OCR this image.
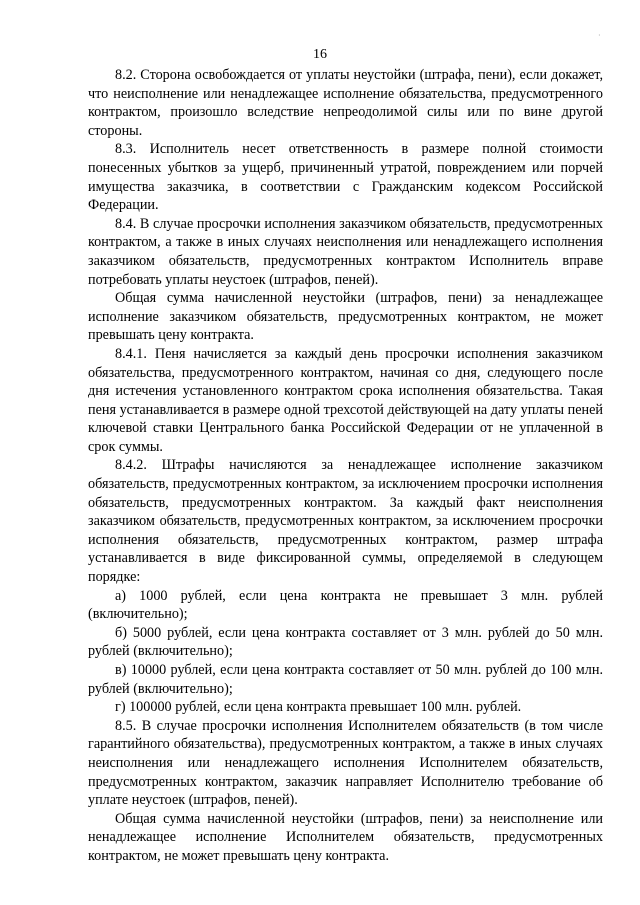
·
16

8.2. Сторона освобождается от уплаты неустойки (штрафа, пени), если докажет, что неисполнение или ненадлежащее исполнение обязательства, предусмотренного контрактом, произошло вследствие непреодолимой силы или по вине другой стороны.

8.3. Исполнитель несет ответственность в размере полной стоимости понесенных убытков за ущерб, причиненный утратой, повреждением или порчей имущества заказчика, в соответствии с Гражданским кодексом Российской Федерации.

8.4. В случае просрочки исполнения заказчиком обязательств, предусмотренных контрактом, а также в иных случаях неисполнения или ненадлежащего исполнения заказчиком обязательств, предусмотренных контрактом Исполнитель вправе потребовать уплаты неустоек (штрафов, пеней).

Общая сумма начисленной неустойки (штрафов, пени) за ненадлежащее исполнение заказчиком обязательств, предусмотренных контрактом, не может превышать цену контракта.

8.4.1. Пеня начисляется за каждый день просрочки исполнения заказчиком обязательства, предусмотренного контрактом, начиная со дня, следующего после дня истечения установленного контрактом срока исполнения обязательства. Такая пеня устанавливается в размере одной трехсотой действующей на дату уплаты пеней ключевой ставки Центрального банка Российской Федерации от не уплаченной в срок суммы.

8.4.2. Штрафы начисляются за ненадлежащее исполнение заказчиком обязательств, предусмотренных контрактом, за исключением просрочки исполнения обязательств, предусмотренных контрактом. За каждый факт неисполнения заказчиком обязательств, предусмотренных контрактом, за исключением просрочки исполнения обязательств, предусмотренных контрактом, размер штрафа устанавливается в виде фиксированной суммы, определяемой в следующем порядке:

а) 1000 рублей, если цена контракта не превышает 3 млн. рублей (включительно);

б) 5000 рублей, если цена контракта составляет от 3 млн. рублей до 50 млн. рублей (включительно);

в) 10000 рублей, если цена контракта составляет от 50 млн. рублей до 100 млн. рублей (включительно);

г) 100000 рублей, если цена контракта превышает 100 млн. рублей.

8.5. В случае просрочки исполнения Исполнителем обязательств (в том числе гарантийного обязательства), предусмотренных контрактом, а также в иных случаях неисполнения или ненадлежащего исполнения Исполнителем обязательств, предусмотренных контрактом, заказчик направляет Исполнителю требование об уплате неустоек (штрафов, пеней).

Общая сумма начисленной неустойки (штрафов, пени) за неисполнение или ненадлежащее исполнение Исполнителем обязательств, предусмотренных контрактом, не может превышать цену контракта.
